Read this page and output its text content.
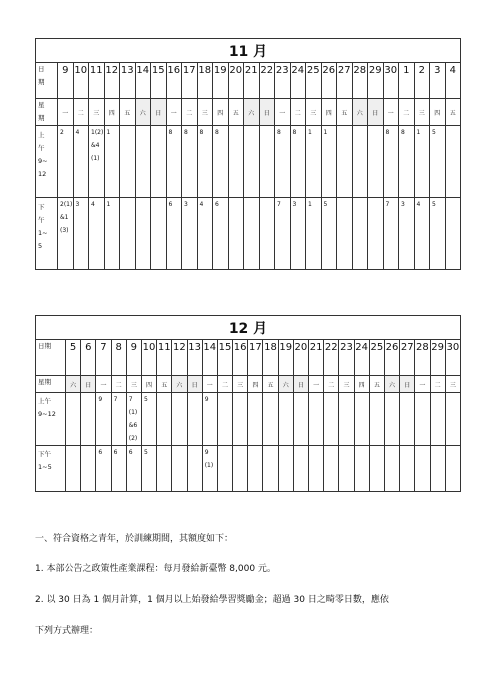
11 月																										
日
期	9	10	11	12	13	14	15	16	17	18	19	20	21	22	23	24	25	26	27	28	29	30	1	2	3	4
星
期	一	二	三	四	五	六	日	一	二	三	四	五	六	日	一	二	三	四	五	六	日	一	二	三	四	五
上
午
9~
12	2	4	1(2)&4(1)	1				8	8	8	8				8	8	1	1				8	8	1	5	
下
午
1~
5	2(1)&1(3)	3	4	1				6	3	4	6				7	3	1	5				7	3	4	5	
12 月																										
日期	5	6	7	8	9	10	11	12	13	14	15	16	17	18	19	20	21	22	23	24	25	26	27	28	29	30
星期	六	日	一	二	三	四	五	六	日	一	二	三	四	五	六	日	一	二	三	四	五	六	日	一	二	三
上午
9~12			9	7	7(1)&6(2)	5				9																
下午
1~5			6	6	6	5				9(1)																
一、符合資格之青年，於訓練期間，其額度如下：
1. 本部公告之政策性產業課程：每月發給新臺幣 8,000 元。
2. 以 30 日為 1 個月計算，1 個月以上始發給學習獎勵金；超過 30 日之畸零日數，應依
下列方式辦理：
